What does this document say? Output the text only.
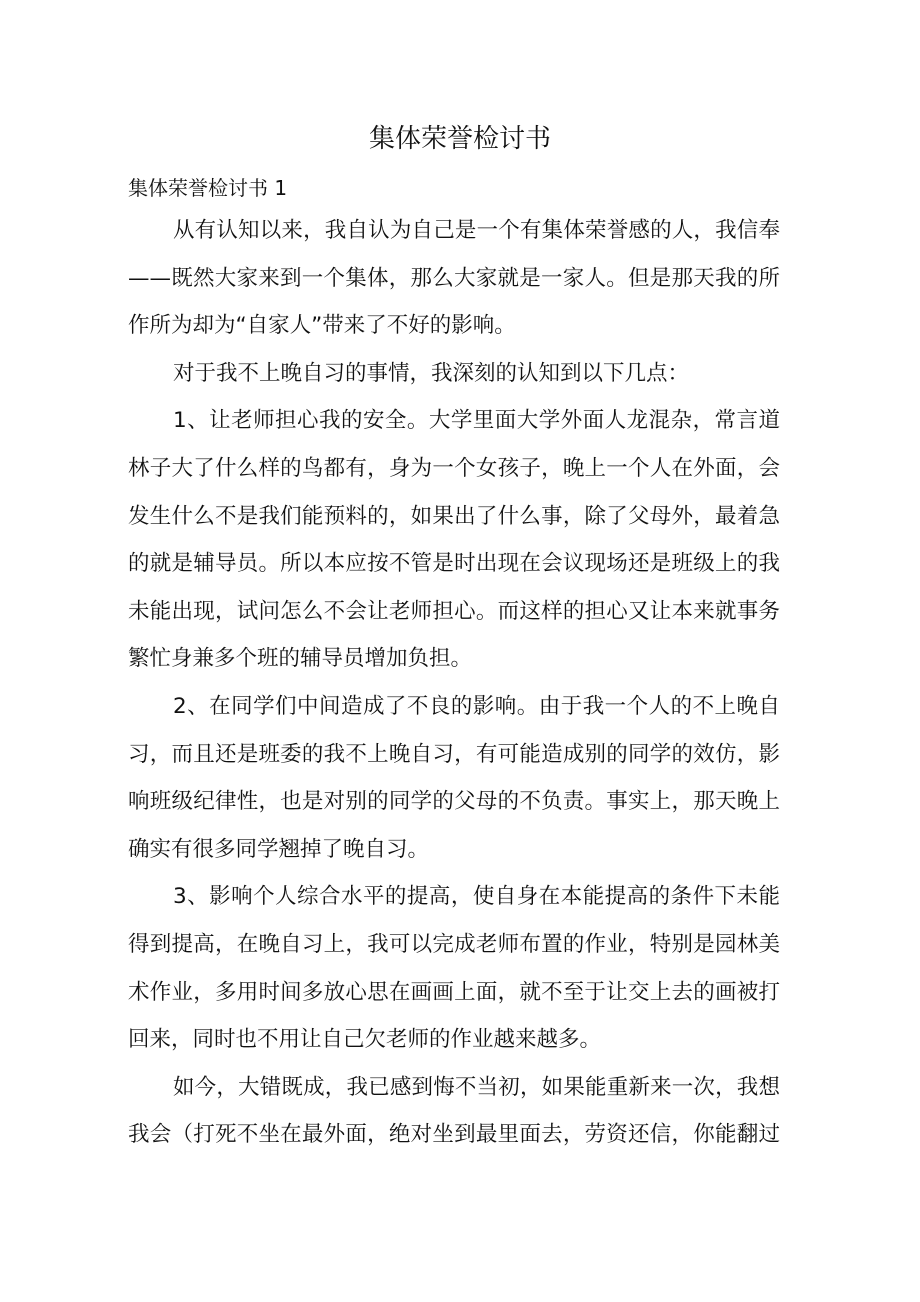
集体荣誉检讨书
集体荣誉检讨书 1
从有认知以来，我自认为自己是一个有集体荣誉感的人，我信奉
——既然大家来到一个集体，那么大家就是一家人。但是那天我的所
作所为却为“自家人”带来了不好的影响。
对于我不上晚自习的事情，我深刻的认知到以下几点：
1、让老师担心我的安全。大学里面大学外面人龙混杂，常言道
林子大了什么样的鸟都有，身为一个女孩子，晚上一个人在外面，会
发生什么不是我们能预料的，如果出了什么事，除了父母外，最着急
的就是辅导员。所以本应按不管是时出现在会议现场还是班级上的我
未能出现，试问怎么不会让老师担心。而这样的担心又让本来就事务
繁忙身兼多个班的辅导员增加负担。
2、在同学们中间造成了不良的影响。由于我一个人的不上晚自
习，而且还是班委的我不上晚自习，有可能造成别的同学的效仿，影
响班级纪律性，也是对别的同学的父母的不负责。事实上，那天晚上
确实有很多同学翘掉了晚自习。
3、影响个人综合水平的提高，使自身在本能提高的条件下未能
得到提高，在晚自习上，我可以完成老师布置的作业，特别是园林美
术作业，多用时间多放心思在画画上面，就不至于让交上去的画被打
回来，同时也不用让自己欠老师的作业越来越多。
如今，大错既成，我已感到悔不当初，如果能重新来一次，我想
我会（打死不坐在最外面，绝对坐到最里面去，劳资还信，你能翻过
